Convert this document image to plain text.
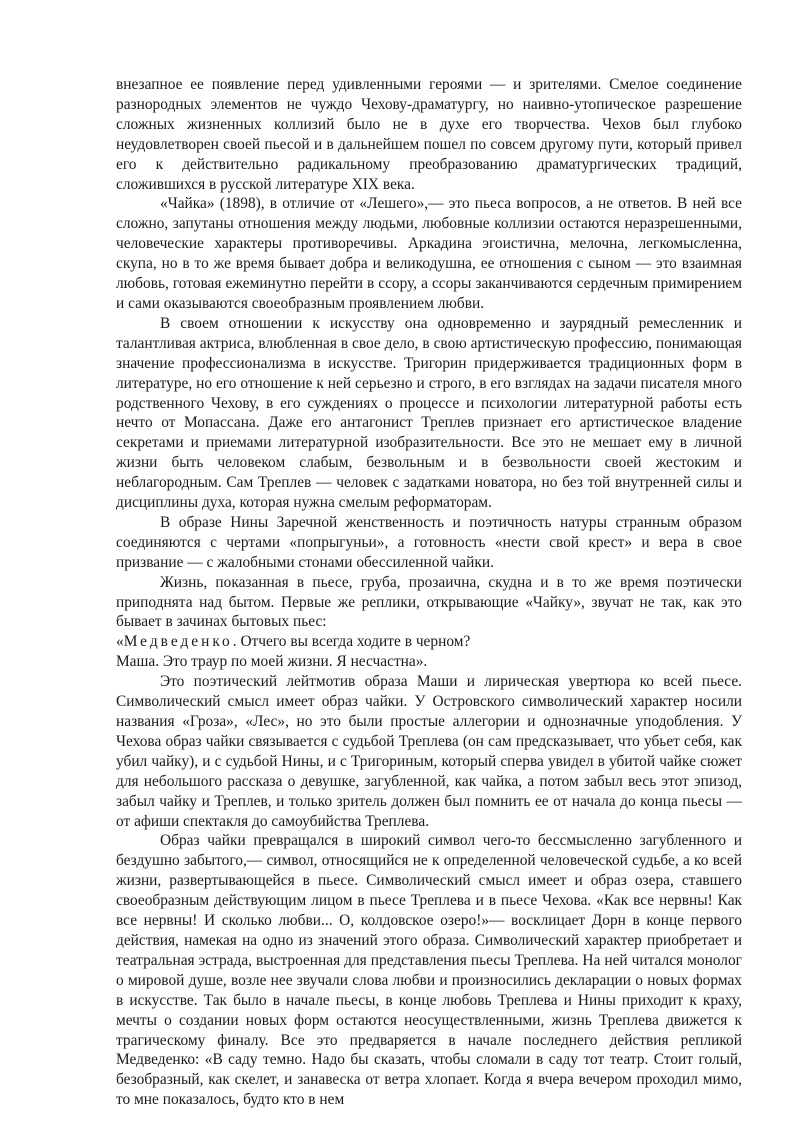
внезапное ее появление перед удивленными героями — и зрителями. Смелое соединение разнородных элементов не чуждо Чехову-драматургу, но наивно-утопическое разрешение сложных жизненных коллизий было не в духе его творчества. Чехов был глубоко неудовлетворен своей пьесой и в дальнейшем пошел по совсем другому пути, который привел его к действительно радикальному преобразованию драматургических традиций, сложившихся в русской литературе XIX века.

«Чайка» (1898), в отличие от «Лешего»,— это пьеса вопросов, а не ответов. В ней все сложно, запутаны отношения между людьми, любовные коллизии остаются неразрешенными, человеческие характеры противоречивы. Аркадина эгоистична, мелочна, легкомысленна, скупа, но в то же время бывает добра и великодушна, ее отношения с сыном — это взаимная любовь, готовая ежеминутно перейти в ссору, а ссоры заканчиваются сердечным примирением и сами оказываются своеобразным проявлением любви.

В своем отношении к искусству она одновременно и заурядный ремесленник и талантливая актриса, влюбленная в свое дело, в свою артистическую профессию, понимающая значение профессионализма в искусстве. Тригорин придерживается традиционных форм в литературе, но его отношение к ней серьезно и строго, в его взглядах на задачи писателя много родственного Чехову, в его суждениях о процессе и психологии литературной работы есть нечто от Мопассана. Даже его антагонист Треплев признает его артистическое владение секретами и приемами литературной изобразительности. Все это не мешает ему в личной жизни быть человеком слабым, безвольным и в безвольности своей жестоким и неблагородным. Сам Треплев — человек с задатками новатора, но без той внутренней силы и дисциплины духа, которая нужна смелым реформаторам.

В образе Нины Заречной женственность и поэтичность натуры странным образом соединяются с чертами «попрыгуньи», а готовность «нести свой крест» и вера в свое призвание — с жалобными стонами обессиленной чайки.

Жизнь, показанная в пьесе, груба, прозаична, скудна и в то же время поэтически приподнята над бытом. Первые же реплики, открывающие «Чайку», звучат не так, как это бывает в зачинах бытовых пьес:

«Медведенко. Отчего вы всегда ходите в черном?

Маша. Это траур по моей жизни. Я несчастна».

Это поэтический лейтмотив образа Маши и лирическая увертюра ко всей пьесе. Символический смысл имеет образ чайки. У Островского символический характер носили названия «Гроза», «Лес», но это были простые аллегории и однозначные уподобления. У Чехова образ чайки связывается с судьбой Треплева (он сам предсказывает, что убьет себя, как убил чайку), и с судьбой Нины, и с Тригориным, который сперва увидел в убитой чайке сюжет для небольшого рассказа о девушке, загубленной, как чайка, а потом забыл весь этот эпизод, забыл чайку и Треплев, и только зритель должен был помнить ее от начала до конца пьесы — от афиши спектакля до самоубийства Треплева.

Образ чайки превращался в широкий символ чего-то бессмысленно загубленного и бездушно забытого,— символ, относящийся не к определенной человеческой судьбе, а ко всей жизни, развертывающейся в пьесе. Символический смысл имеет и образ озера, ставшего своеобразным действующим лицом в пьесе Треплева и в пьесе Чехова. «Как все нервны! Как все нервны! И сколько любви... О, колдовское озеро!»— восклицает Дорн в конце первого действия, намекая на одно из значений этого образа. Символический характер приобретает и театральная эстрада, выстроенная для представления пьесы Треплева. На ней читался монолог о мировой душе, возле нее звучали слова любви и произносились декларации о новых формах в искусстве. Так было в начале пьесы, в конце любовь Треплева и Нины приходит к краху, мечты о создании новых форм остаются неосуществленными, жизнь Треплева движется к трагическому финалу. Все это предваряется в начале последнего действия репликой Медведенко: «В саду темно. Надо бы сказать, чтобы сломали в саду тот театр. Стоит голый, безобразный, как скелет, и занавеска от ветра хлопает. Когда я вчера вечером проходил мимо, то мне показалось, будто кто в нем
